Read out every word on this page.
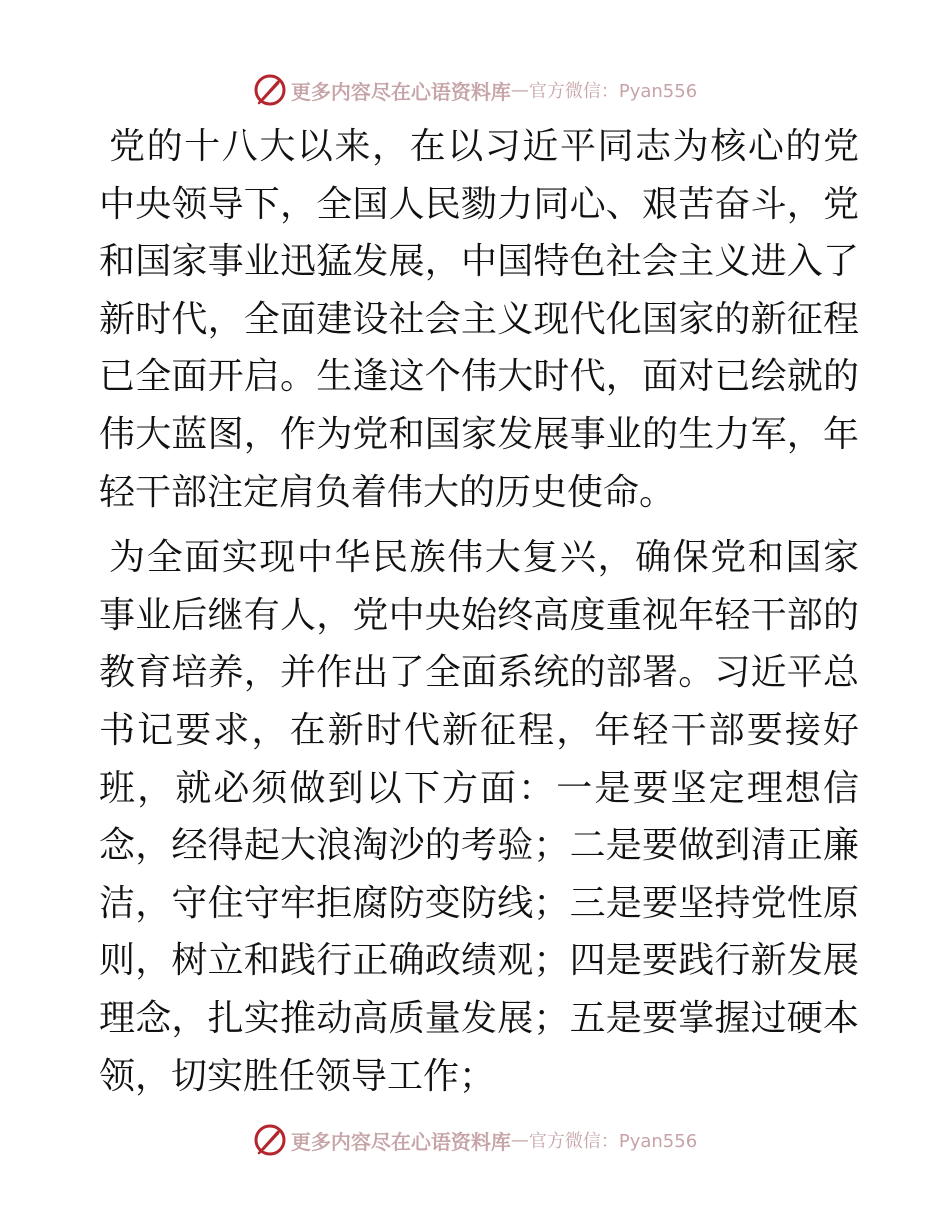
更多内容尽在心语资料库 — 官方微信：Pyan556

党的十八大以来，在以习近平同志为核心的党中央领导下，全国人民勠力同心、艰苦奋斗，党和国家事业迅猛发展，中国特色社会主义进入了新时代，全面建设社会主义现代化国家的新征程已全面开启。生逢这个伟大时代，面对已绘就的伟大蓝图，作为党和国家发展事业的生力军，年轻干部注定肩负着伟大的历史使命。

为全面实现中华民族伟大复兴，确保党和国家事业后继有人，党中央始终高度重视年轻干部的教育培养，并作出了全面系统的部署。习近平总书记要求，在新时代新征程，年轻干部要接好班，就必须做到以下方面：一是要坚定理想信念，经得起大浪淘沙的考验；二是要做到清正廉洁，守住守牢拒腐防变防线；三是要坚持党性原则，树立和践行正确政绩观；四是要践行新发展理念，扎实推动高质量发展；五是要掌握过硬本领，切实胜任领导工作；

更多内容尽在心语资料库 — 官方微信：Pyan556
